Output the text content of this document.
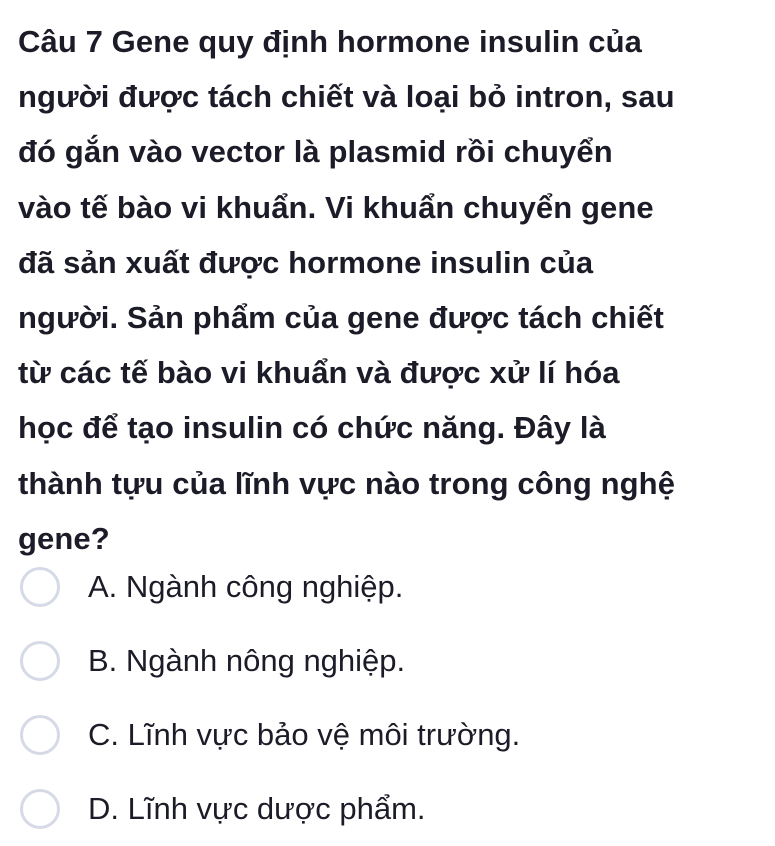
Câu 7 Gene quy định hormone insulin của
người được tách chiết và loại bỏ intron, sau
đó gắn vào vector là plasmid rồi chuyển
vào tế bào vi khuẩn. Vi khuẩn chuyển gene
đã sản xuất được hormone insulin của
người. Sản phẩm của gene được tách chiết
từ các tế bào vi khuẩn và được xử lí hóa
học để tạo insulin có chức năng. Đây là
thành tựu của lĩnh vực nào trong công nghệ
gene?
A. Ngành công nghiệp.
B. Ngành nông nghiệp.
C. Lĩnh vực bảo vệ môi trường.
D. Lĩnh vực dược phẩm.
